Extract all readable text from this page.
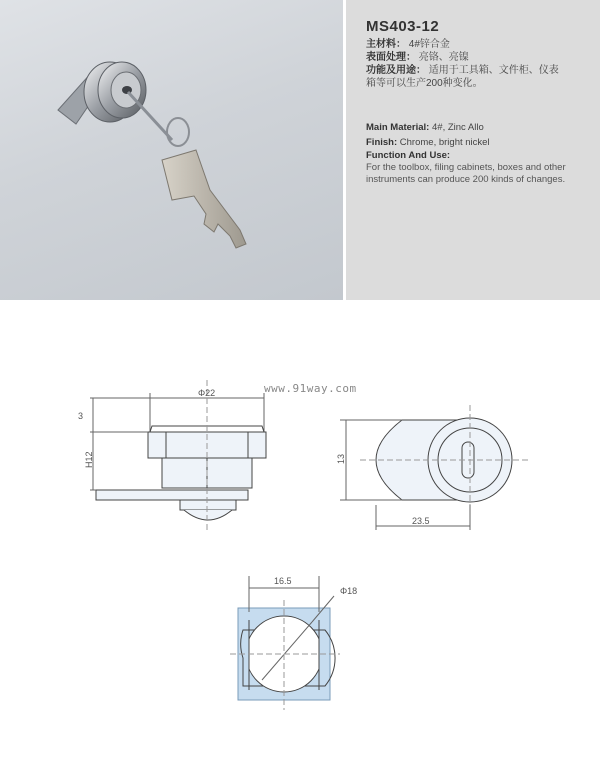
MS403-12
主材料： 4#锌合金
表面处理： 亮铬、亮镍
功能及用途： 适用于工具箱、文件柜、仪表
箱等可以生产200种变化。
Main Material: 4#, Zinc Allo
Finish: Chrome, bright nickel
Function And Use:
For the toolbox, filing cabinets, boxes and other instruments can produce 200 kinds of changes.
www.91way.com
Φ22
3
H12	13
23.5
16.5
Φ18
